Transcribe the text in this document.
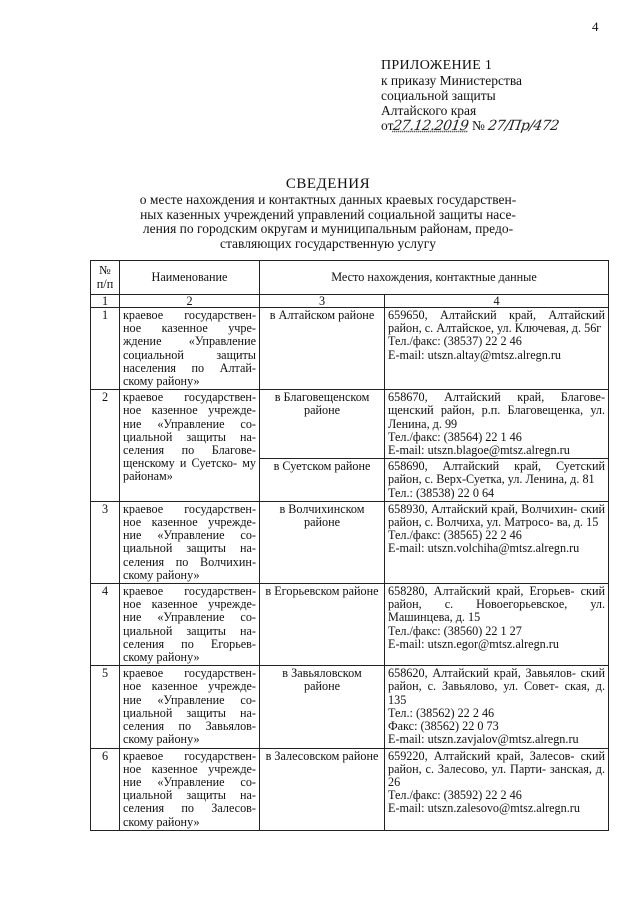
4
ПРИЛОЖЕНИЕ 1
к приказу Министерства
социальной защиты
Алтайского края
от27.12.2019 № 27/Пр/472
СВЕДЕНИЯ
о месте нахождения и контактных данных краевых государствен-
ных казенных учреждений управлений социальной защиты насе-
ления по городским округам и муниципальным районам, предо-
ставляющих государственную услугу
№
п/п	Наименование	Место нахождения, контактные данные	
1	2	3	4
1	краевое государствен- ное казенное учре- ждение «Управление социальной защиты населения по Алтай- скому району»	в Алтайском районе	659650, Алтайский край, Алтайский район, с. Алтайское, ул. Ключевая, д. 56г
Тел./факс: (38537) 22 2 46
E-mail: utszn.altay@mtsz.alregn.ru

2	краевое государствен- ное казенное учрежде- ние «Управление со- циальной защиты на- селения по Благове- щенскому и Суетско- му районам»	в Благовещенском районе	658670, Алтайский край, Благове- щенский район, р.п. Благовещенка, ул. Ленина, д. 99
Тел./факс: (38564) 22 1 46
E-mail: utszn.blagoe@mtsz.alregn.ru

		в Суетском районе	658690, Алтайский край, Суетский район, с. Верх-Суетка, ул. Ленина, д. 81
Тел.: (38538) 22 0 64

3	краевое государствен- ное казенное учрежде- ние «Управление со- циальной защиты на- селения по Волчихин- скому району»	в Волчихинском районе	658930, Алтайский край, Волчихин- ский район, с. Волчиха, ул. Матросо- ва, д. 15
Тел./факс: (38565) 22 2 46
E-mail: utszn.volchiha@mtsz.alregn.ru

4	краевое государствен- ное казенное учрежде- ние «Управление со- циальной защиты на- селения по Егорьев- скому району»	в Егорьевском районе	658280, Алтайский край, Егорьев- ский район, с. Новоегорьевское, ул. Машинцева, д. 15
Тел./факс: (38560) 22 1 27
E-mail: utszn.egor@mtsz.alregn.ru

5	краевое государствен- ное казенное учрежде- ние «Управление со- циальной защиты на- селения по Завьялов- скому району»	в Завьяловском районе	658620, Алтайский край, Завьялов- ский район, с. Завьялово, ул. Совет- ская, д. 135
Тел.: (38562) 22 2 46
Факс: (38562) 22 0 73
E-mail: utszn.zavjalov@mtsz.alregn.ru

6	краевое государствен- ное казенное учрежде- ние «Управление со- циальной защиты на- селения по Залесов- скому району»	в Залесовском районе	659220, Алтайский край, Залесов- ский район, с. Залесово, ул. Парти- занская, д. 26
Тел./факс: (38592) 22 2 46
E-mail: utszn.zalesovo@mtsz.alregn.ru
